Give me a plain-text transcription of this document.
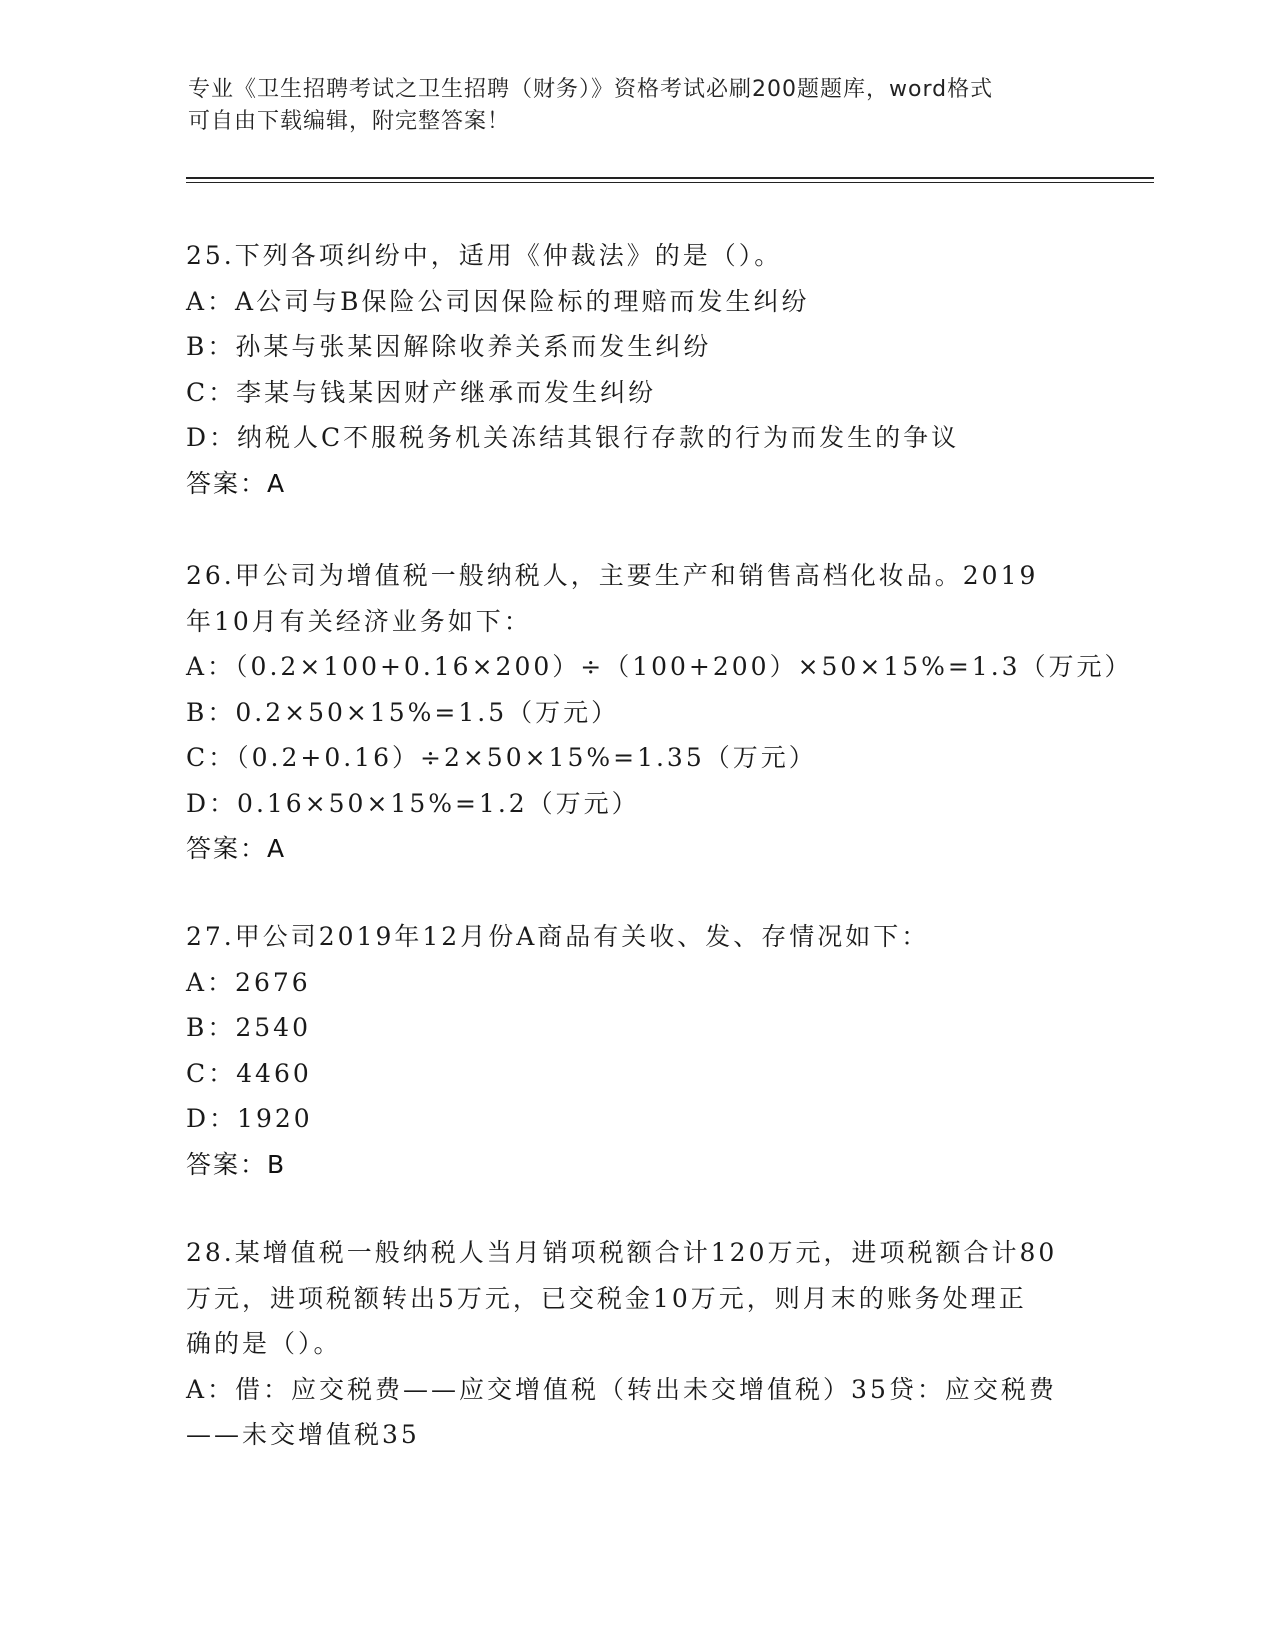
专业《卫生招聘考试之卫生招聘（财务）》资格考试必刷200题题库，word格式
可自由下载编辑，附完整答案！
25.下列各项纠纷中，适用《仲裁法》的是（）。
A：A公司与B保险公司因保险标的理赔而发生纠纷
B：孙某与张某因解除收养关系而发生纠纷
C：李某与钱某因财产继承而发生纠纷
D：纳税人C不服税务机关冻结其银行存款的行为而发生的争议
答案：A
26.甲公司为增值税一般纳税人，主要生产和销售高档化妆品。2019
年10月有关经济业务如下：
A：（0.2×100+0.16×200）÷（100+200）×50×15%=1.3（万元）
B：0.2×50×15%=1.5（万元）
C：（0.2+0.16）÷2×50×15%=1.35（万元）
D：0.16×50×15%=1.2（万元）
答案：A
27.甲公司2019年12月份A商品有关收、发、存情况如下：
A：2676
B：2540
C：4460
D：1920
答案：B
28.某增值税一般纳税人当月销项税额合计120万元，进项税额合计80
万元，进项税额转出5万元，已交税金10万元，则月末的账务处理正
确的是（）。
A：借：应交税费——应交增值税（转出未交增值税）35贷：应交税费
——未交增值税35
